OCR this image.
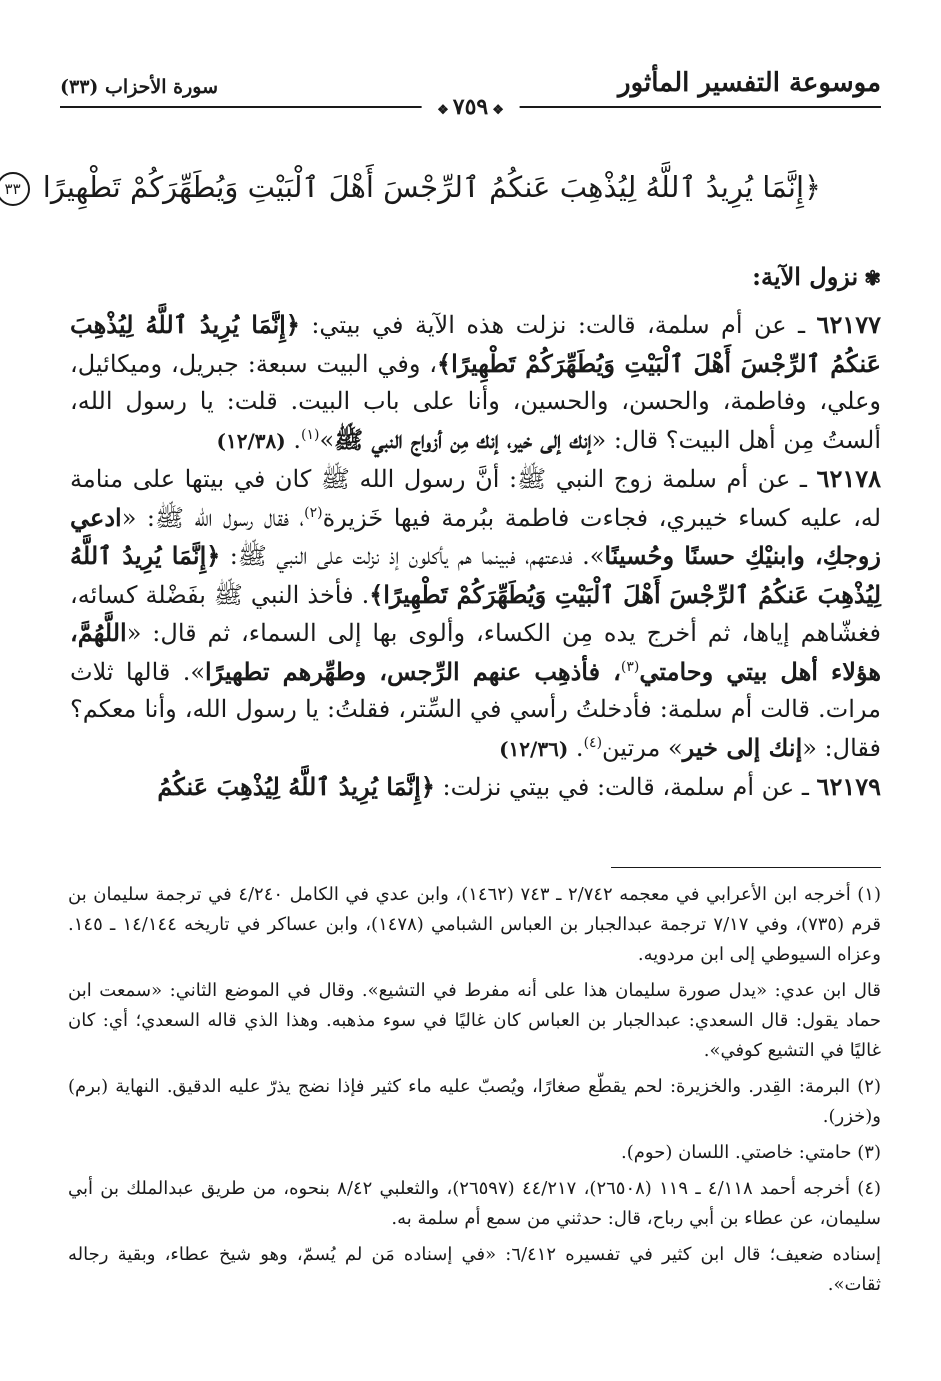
موسوعة التفسير المأثور
سورة الأحزاب (٣٣)
❖٧٥٩❖
﴿إِنَّمَا يُرِيدُ ٱللَّهُ لِيُذْهِبَ عَنكُمُ ٱلرِّجْسَ أَهْلَ ٱلْبَيْتِ وَيُطَهِّرَكُمْ تَطْهِيرًا ٣٣
✾نزول الآية:

٦٢١٧٧ ـ عن أم سلمة، قالت: نزلت هذه الآية في بيتي: ﴿إِنَّمَا يُرِيدُ ٱللَّهُ لِيُذْهِبَ عَنكُمُ ٱلرِّجْسَ أَهْلَ ٱلْبَيْتِ وَيُطَهِّرَكُمْ تَطْهِيرًا﴾، وفي البيت سبعة: جبريل، وميكائيل، وعلي، وفاطمة، والحسن، والحسين، وأنا على باب البيت. قلت: يا رسول الله، ألستُ مِن أهل البيت؟ قال: «إنك إلى خير، إنك مِن أزواج النبي ﷺ»$^{(١)}$. (١٢/٣٨)

٦٢١٧٨ ـ عن أم سلمة زوج النبي ﷺ: أنَّ رسول الله ﷺ كان في بيتها على منامة له، عليه كساء خيبري، فجاءت فاطمة ببُرمة فيها خَزيرة$^{(٢)}$، فقال رسول الله ﷺ: «ادعي زوجكِ، وابنيْكِ حسنًا وحُسينًا». فدعتهم، فبينما هم يأكلون إذ نزلت على النبي ﷺ: ﴿إِنَّمَا يُرِيدُ ٱللَّهُ لِيُذْهِبَ عَنكُمُ ٱلرِّجْسَ أَهْلَ ٱلْبَيْتِ وَيُطَهِّرَكُمْ تَطْهِيرًا﴾. فأخذ النبي ﷺ بفَضْلة كسائه، فغشّاهم إياها، ثم أخرج يده مِن الكساء، وألوى بها إلى السماء، ثم قال: «اللَّهُمَّ، هؤلاء أهل بيتي وحامتي$^{(٣)}$، فأذهِب عنهم الرِّجس، وطهِّرهم تطهيرًا». قالها ثلاث مرات. قالت أم سلمة: فأدخلتُ رأسي في السِّتر، فقلتُ: يا رسول الله، وأنا معكم؟ فقال: «إنك إلى خير» مرتين$^{(٤)}$. (١٢/٣٦)

٦٢١٧٩ ـ عن أم سلمة، قالت: في بيتي نزلت: ﴿إِنَّمَا يُرِيدُ ٱللَّهُ لِيُذْهِبَ عَنكُمُ

(١) أخرجه ابن الأعرابي في معجمه ٢/٧٤٢ ـ ٧٤٣ (١٤٦٢)، وابن عدي في الكامل ٤/٢٤٠ في ترجمة سليمان بن قرم (٧٣٥)، وفي ٧/١٧ ترجمة عبدالجبار بن العباس الشبامي (١٤٧٨)، وابن عساكر في تاريخه ١٤/١٤٤ ـ ١٤٥. وعزاه السيوطي إلى ابن مردويه.

قال ابن عدي: «يدل صورة سليمان هذا على أنه مفرط في التشيع». وقال في الموضع الثاني: «سمعت ابن حماد يقول: قال السعدي: عبدالجبار بن العباس كان غاليًا في سوء مذهبه. وهذا الذي قاله السعدي؛ أي: كان غاليًا في التشيع كوفي».

(٢) البرمة: القِدر. والخزيرة: لحم يقطّع صغارًا، ويُصبّ عليه ماء كثير فإذا نضج يذرّ عليه الدقيق. النهاية (برم) و(خزر).

(٣) حامتي: خاصتي. اللسان (حوم).

(٤) أخرجه أحمد ٤/١١٨ ـ ١١٩ (٢٦٥٠٨)، ٤٤/٢١٧ (٢٦٥٩٧)، والثعلبي ٨/٤٢ بنحوه، من طريق عبدالملك بن أبي سليمان، عن عطاء بن أبي رباح، قال: حدثني من سمع أم سلمة به.

إسناده ضعيف؛ قال ابن كثير في تفسيره ٦/٤١٢: «في إسناده مَن لم يُسمّ، وهو شيخ عطاء، وبقية رجاله ثقات».
